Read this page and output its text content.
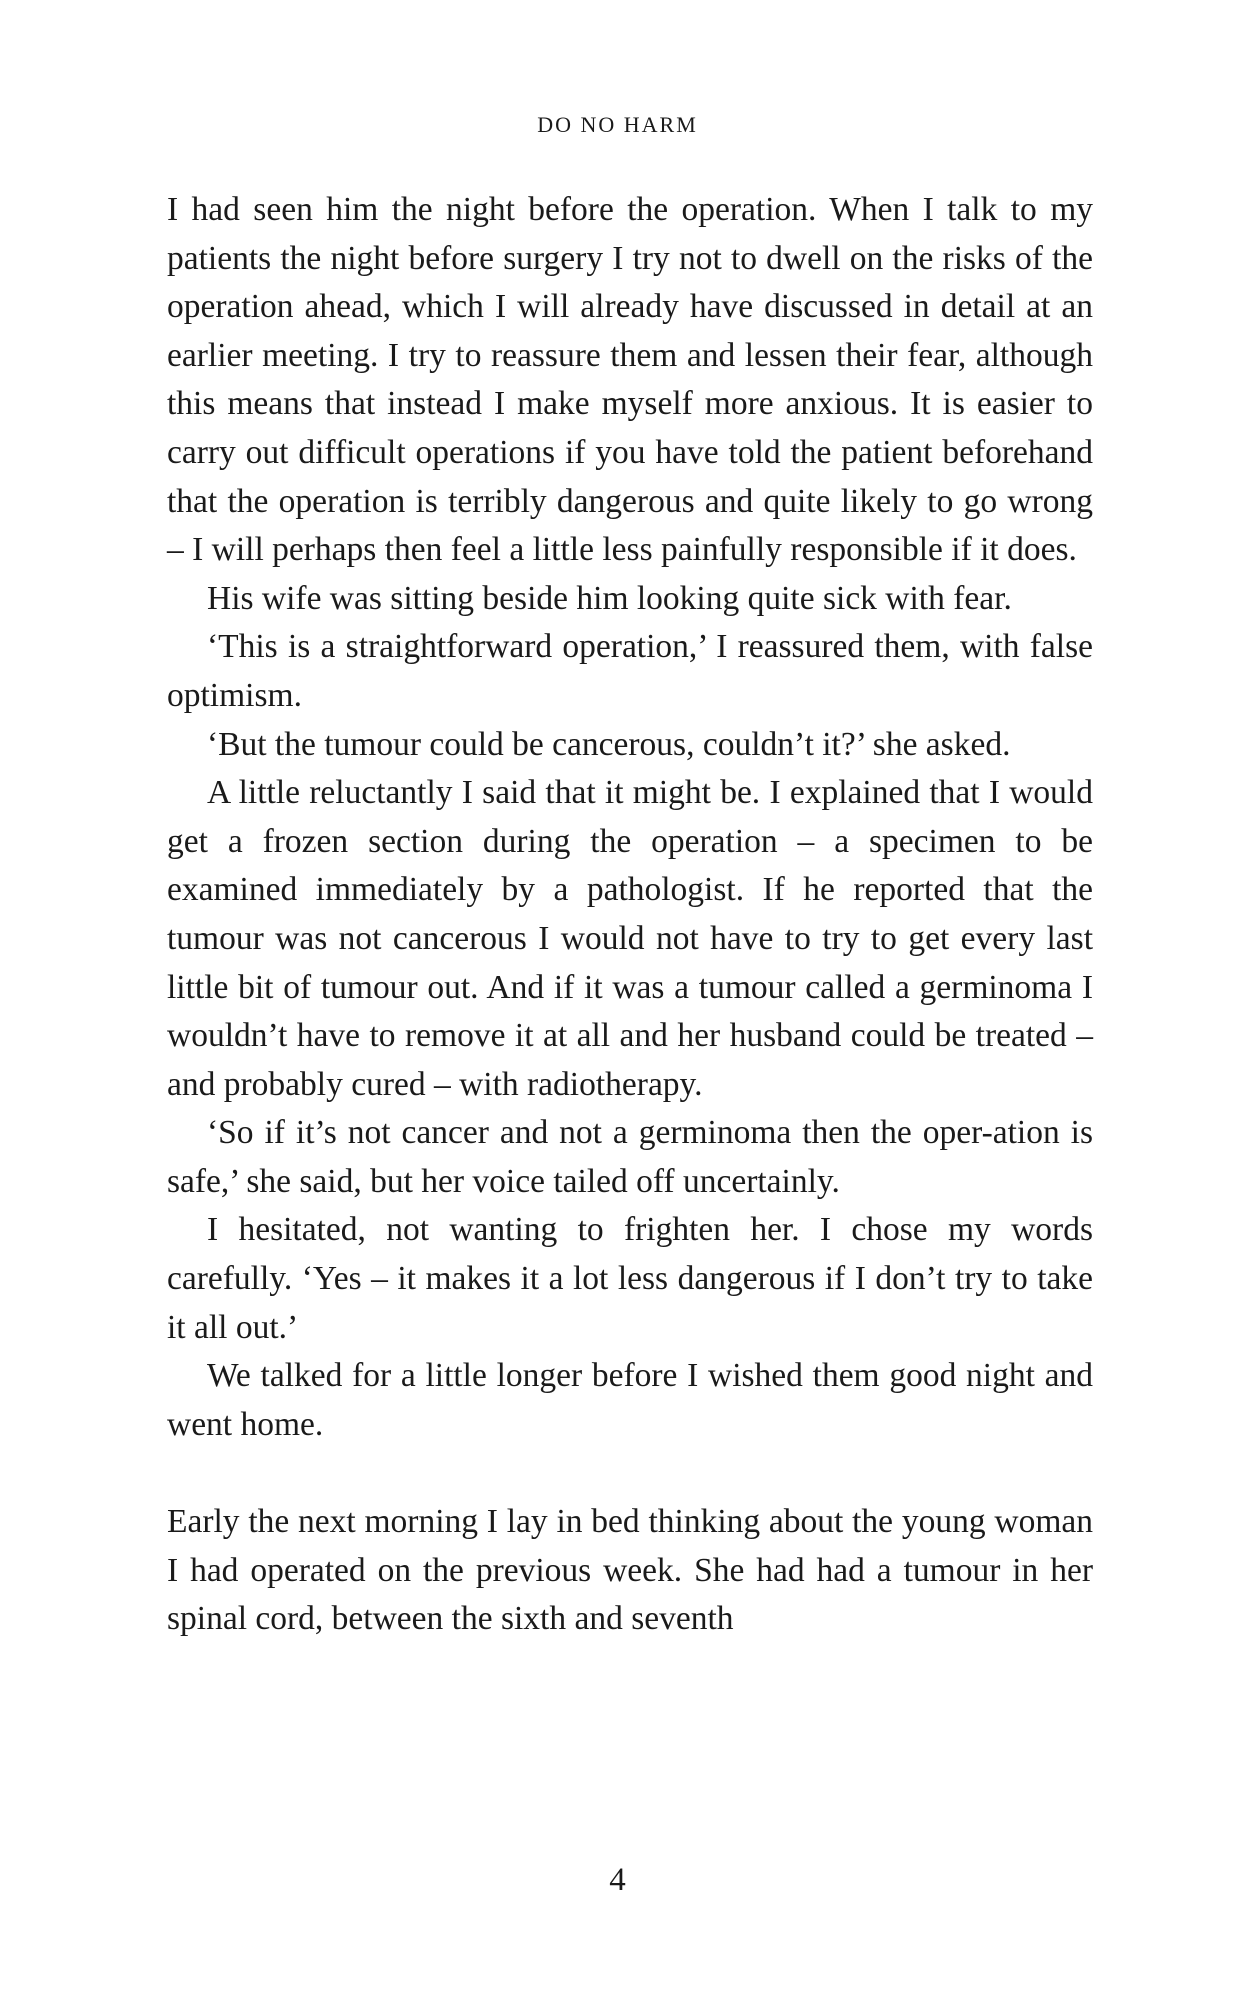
DO NO HARM

I had seen him the night before the operation. When I talk to my patients the night before surgery I try not to dwell on the risks of the operation ahead, which I will already have discussed in detail at an earlier meeting. I try to reassure them and lessen their fear, although this means that instead I make myself more anxious. It is easier to carry out difficult operations if you have told the patient beforehand that the operation is terribly dangerous and quite likely to go wrong – I will perhaps then feel a little less painfully responsible if it does.

His wife was sitting beside him looking quite sick with fear.

‘This is a straightforward operation,’ I reassured them, with false optimism.

‘But the tumour could be cancerous, couldn’t it?’ she asked.

A little reluctantly I said that it might be. I explained that I would get a frozen section during the operation – a specimen to be examined immediately by a pathologist. If he reported that the tumour was not cancerous I would not have to try to get every last little bit of tumour out. And if it was a tumour called a germinoma I wouldn’t have to remove it at all and her husband could be treated – and probably cured – with radiotherapy.

‘So if it’s not cancer and not a germinoma then the oper-ation is safe,’ she said, but her voice tailed off uncertainly.

I hesitated, not wanting to frighten her. I chose my words carefully. ‘Yes – it makes it a lot less dangerous if I don’t try to take it all out.’

We talked for a little longer before I wished them good night and went home.

Early the next morning I lay in bed thinking about the young woman I had operated on the previous week. She had had a tumour in her spinal cord, between the sixth and seventh

4
